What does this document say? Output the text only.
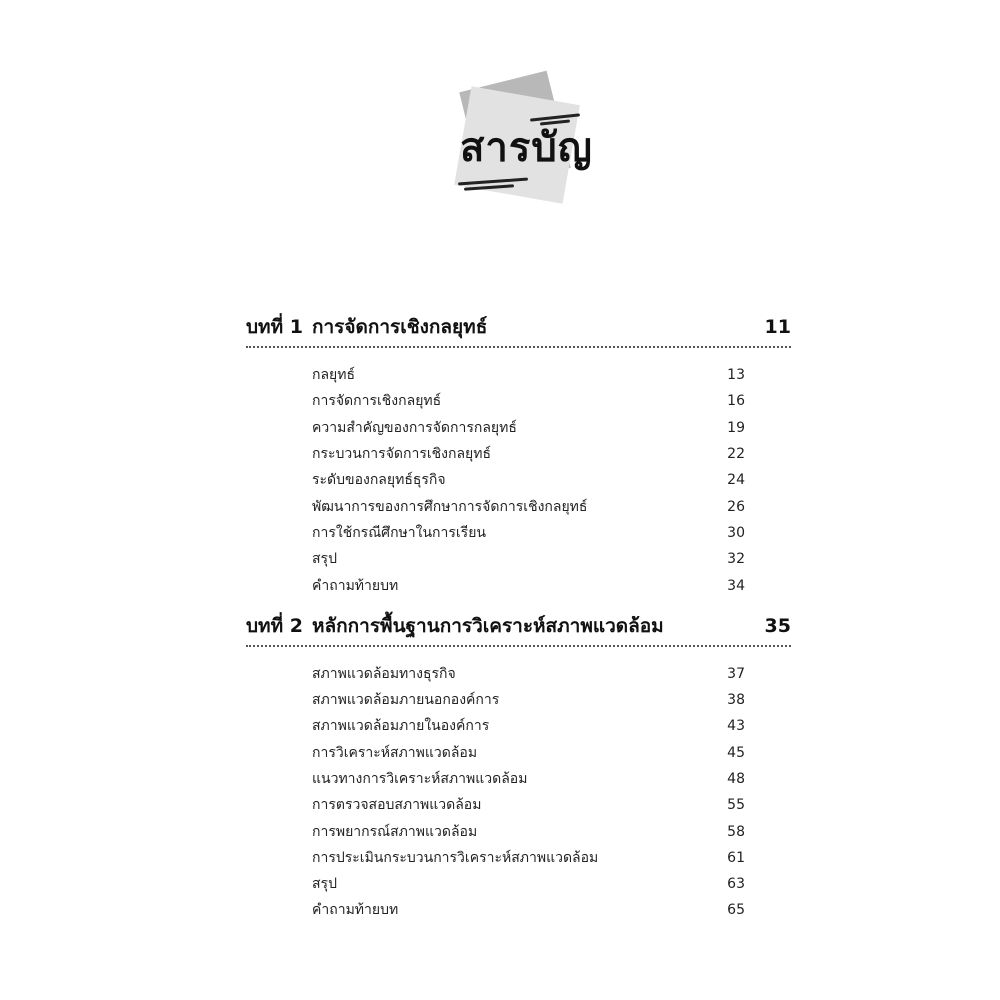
สารบัญ
บทที่ 1 การจัดการเชิงกลยุทธ์	11
กลยุทธ์	13
การจัดการเชิงกลยุทธ์	16
ความสำคัญของการจัดการกลยุทธ์	19
กระบวนการจัดการเชิงกลยุทธ์	22
ระดับของกลยุทธ์ธุรกิจ	24
พัฒนาการของการศึกษาการจัดการเชิงกลยุทธ์	26
การใช้กรณีศึกษาในการเรียน	30
สรุป	32
คำถามท้ายบท	34
บทที่ 2 หลักการพื้นฐานการวิเคราะห์สภาพแวดล้อม	35
สภาพแวดล้อมทางธุรกิจ	37
สภาพแวดล้อมภายนอกองค์การ	38
สภาพแวดล้อมภายในองค์การ	43
การวิเคราะห์สภาพแวดล้อม	45
แนวทางการวิเคราะห์สภาพแวดล้อม	48
การตรวจสอบสภาพแวดล้อม	55
การพยากรณ์สภาพแวดล้อม	58
การประเมินกระบวนการวิเคราะห์สภาพแวดล้อม	61
สรุป	63
คำถามท้ายบท	65
